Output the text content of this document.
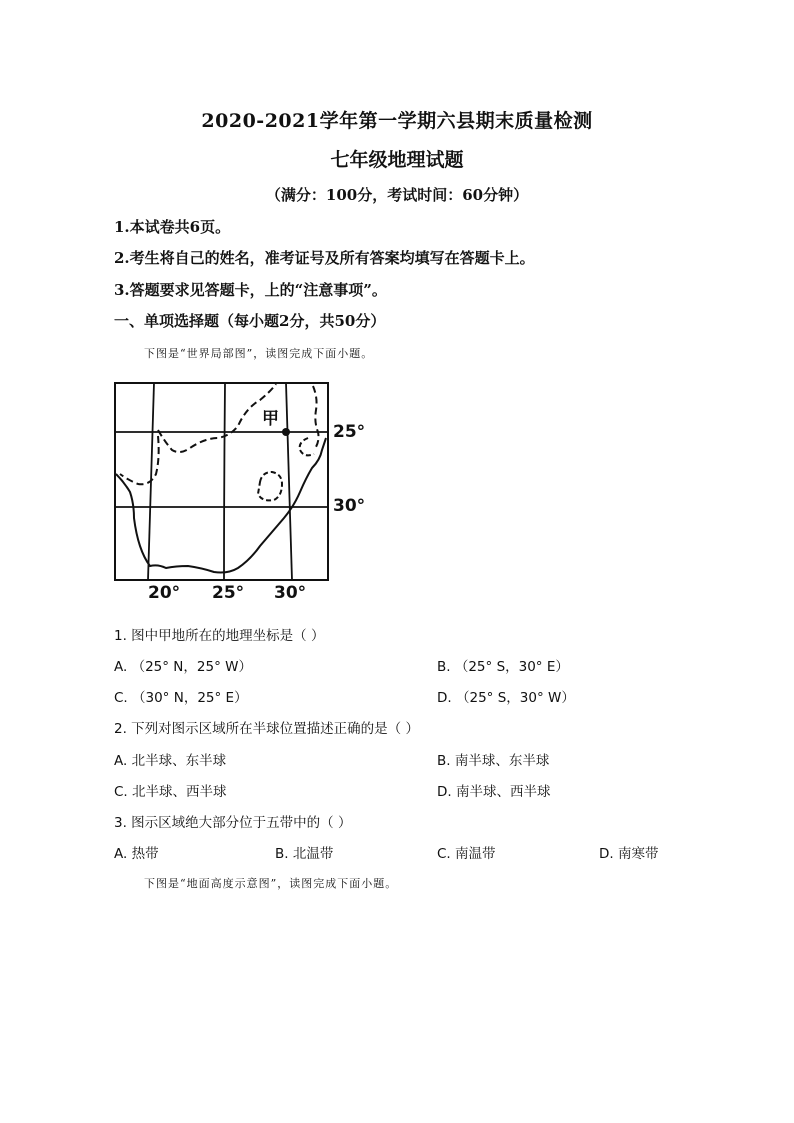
2020-2021学年第一学期六县期末质量检测
七年级地理试题
（满分：100分，考试时间：60分钟）
1.本试卷共6页。
2.考生将自己的姓名，准考证号及所有答案均填写在答题卡上。
3.答题要求见答题卡，上的“注意事项”。
一、单项选择题（每小题2分，共50分）
下图是“世界局部图”，读图完成下面小题。
甲
25°
30°
20° 25° 30°
1. 图中甲地所在的地理坐标是（ ）
A. （25° N，25° W）	B. （25° S，30° E）
C. （30° N，25° E）	D. （25° S，30° W）
2. 下列对图示区域所在半球位置描述正确的是（ ）
A. 北半球、东半球	B. 南半球、东半球
C. 北半球、西半球	D. 南半球、西半球
3. 图示区域绝大部分位于五带中的（ ）
A. 热带	B. 北温带	C. 南温带	D. 南寒带
下图是“地面高度示意图”，读图完成下面小题。
